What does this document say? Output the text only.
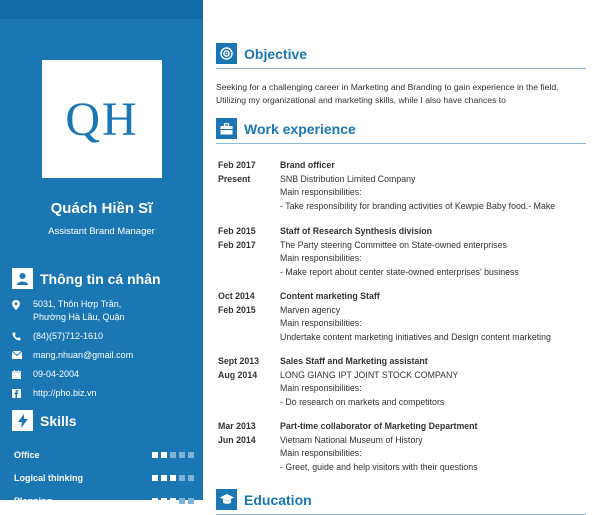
QH
Quách Hiền Sĩ
Assistant Brand Manager
Thông tin cá nhân
5031, Thôn Hợp Trần,
Phường Hà Lầu, Quận
(84)(57)712-1610
mang.nhuan@gmail.com
09-04-2004
http://pho.biz.vn
Skills
Office
Logical thinking
Planning
Objective
Seeking for a challenging career in Marketing and Branding to gain experience in the field. Utilizing my organizational and marketing skills, while I also have chances to
Work experience
Feb 2017
Present
Brand officer
SNB Distribution Limited Company
Main responsibilities:
- Take responsibility for branding activities of Kewpie Baby food.- Make
Feb 2015
Feb 2017
Staff of Research Synthesis division
The Party steering Committee on State-owned enterprises
Main responsibilities:
- Make report about center state-owned enterprises' business
Oct 2014
Feb 2015
Content marketing Staff
Marven agency
Main responsibilities:
Undertake content marketing initiatives and Design content marketing
Sept 2013
Aug 2014
Sales Staff and Marketing assistant
LONG GIANG IPT JOINT STOCK COMPANY
Main responsibilities:
- Do research on markets and competitors
Mar 2013
Jun 2014
Part-time collaborator of Marketing Department
Vietnam National Museum of History
Main responsibilities:
- Greet, guide and help visitors with their questions
Education
